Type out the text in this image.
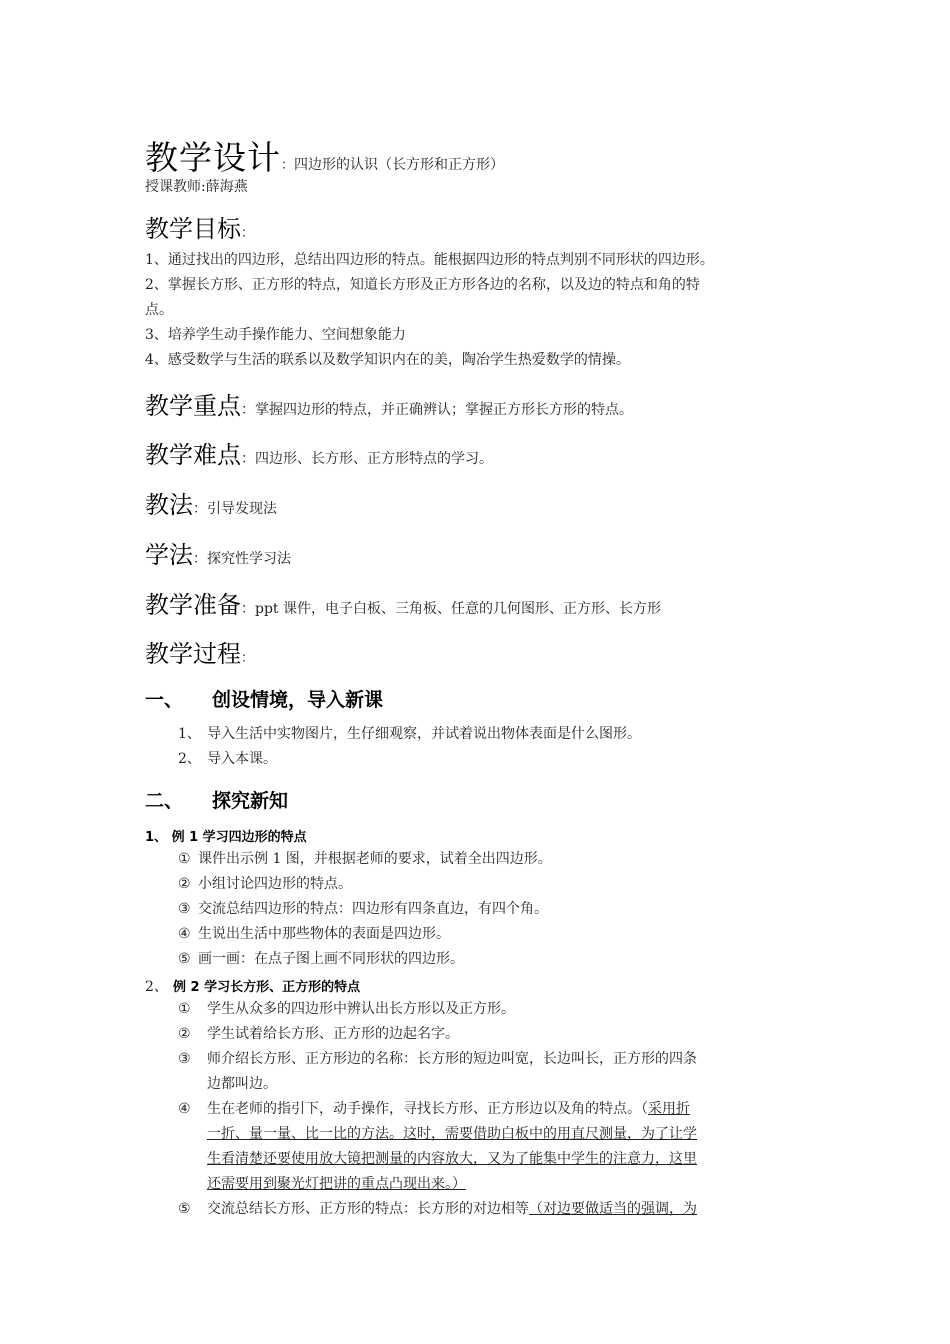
教学设计：四边形的认识（长方形和正方形）
授课教师:薛海燕
教学目标：
1、通过找出的四边形，总结出四边形的特点。能根据四边形的特点判别不同形状的四边形。
2、掌握长方形、正方形的特点，知道长方形及正方形各边的名称，以及边的特点和角的特
点。
3、培养学生动手操作能力、空间想象能力
4、感受数学与生活的联系以及数学知识内在的美，陶冶学生热爱数学的情操。
教学重点：掌握四边形的特点，并正确辨认；掌握正方形长方形的特点。
教学难点：四边形、长方形、正方形特点的学习。
教法：引导发现法
学法：探究性学习法
教学准备：ppt 课件，电子白板、三角板、任意的几何图形、正方形、长方形
教学过程：
一、 创设情境，导入新课
1、 导入生活中实物图片，生仔细观察，并试着说出物体表面是什么图形。
2、 导入本课。
二、 探究新知
1、 例 1 学习四边形的特点
① 课件出示例 1 图，并根据老师的要求，试着全出四边形。
② 小组讨论四边形的特点。
③ 交流总结四边形的特点：四边形有四条直边，有四个角。
④ 生说出生活中那些物体的表面是四边形。
⑤ 画一画：在点子图上画不同形状的四边形。
2、 例 2 学习长方形、正方形的特点
① 学生从众多的四边形中辨认出长方形以及正方形。
② 学生试着给长方形、正方形的边起名字。
③ 师介绍长方形、正方形边的名称：长方形的短边叫宽，长边叫长，正方形的四条
边都叫边。
④ 生在老师的指引下，动手操作，寻找长方形、正方形边以及角的特点。（采用折
一折、量一量、比一比的方法。这时，需要借助白板中的用直尺测量，为了让学
生看清楚还要使用放大镜把测量的内容放大，又为了能集中学生的注意力，这里
还需要用到聚光灯把讲的重点凸现出来。）
⑤ 交流总结长方形、正方形的特点：长方形的对边相等（对边要做适当的强调，为
